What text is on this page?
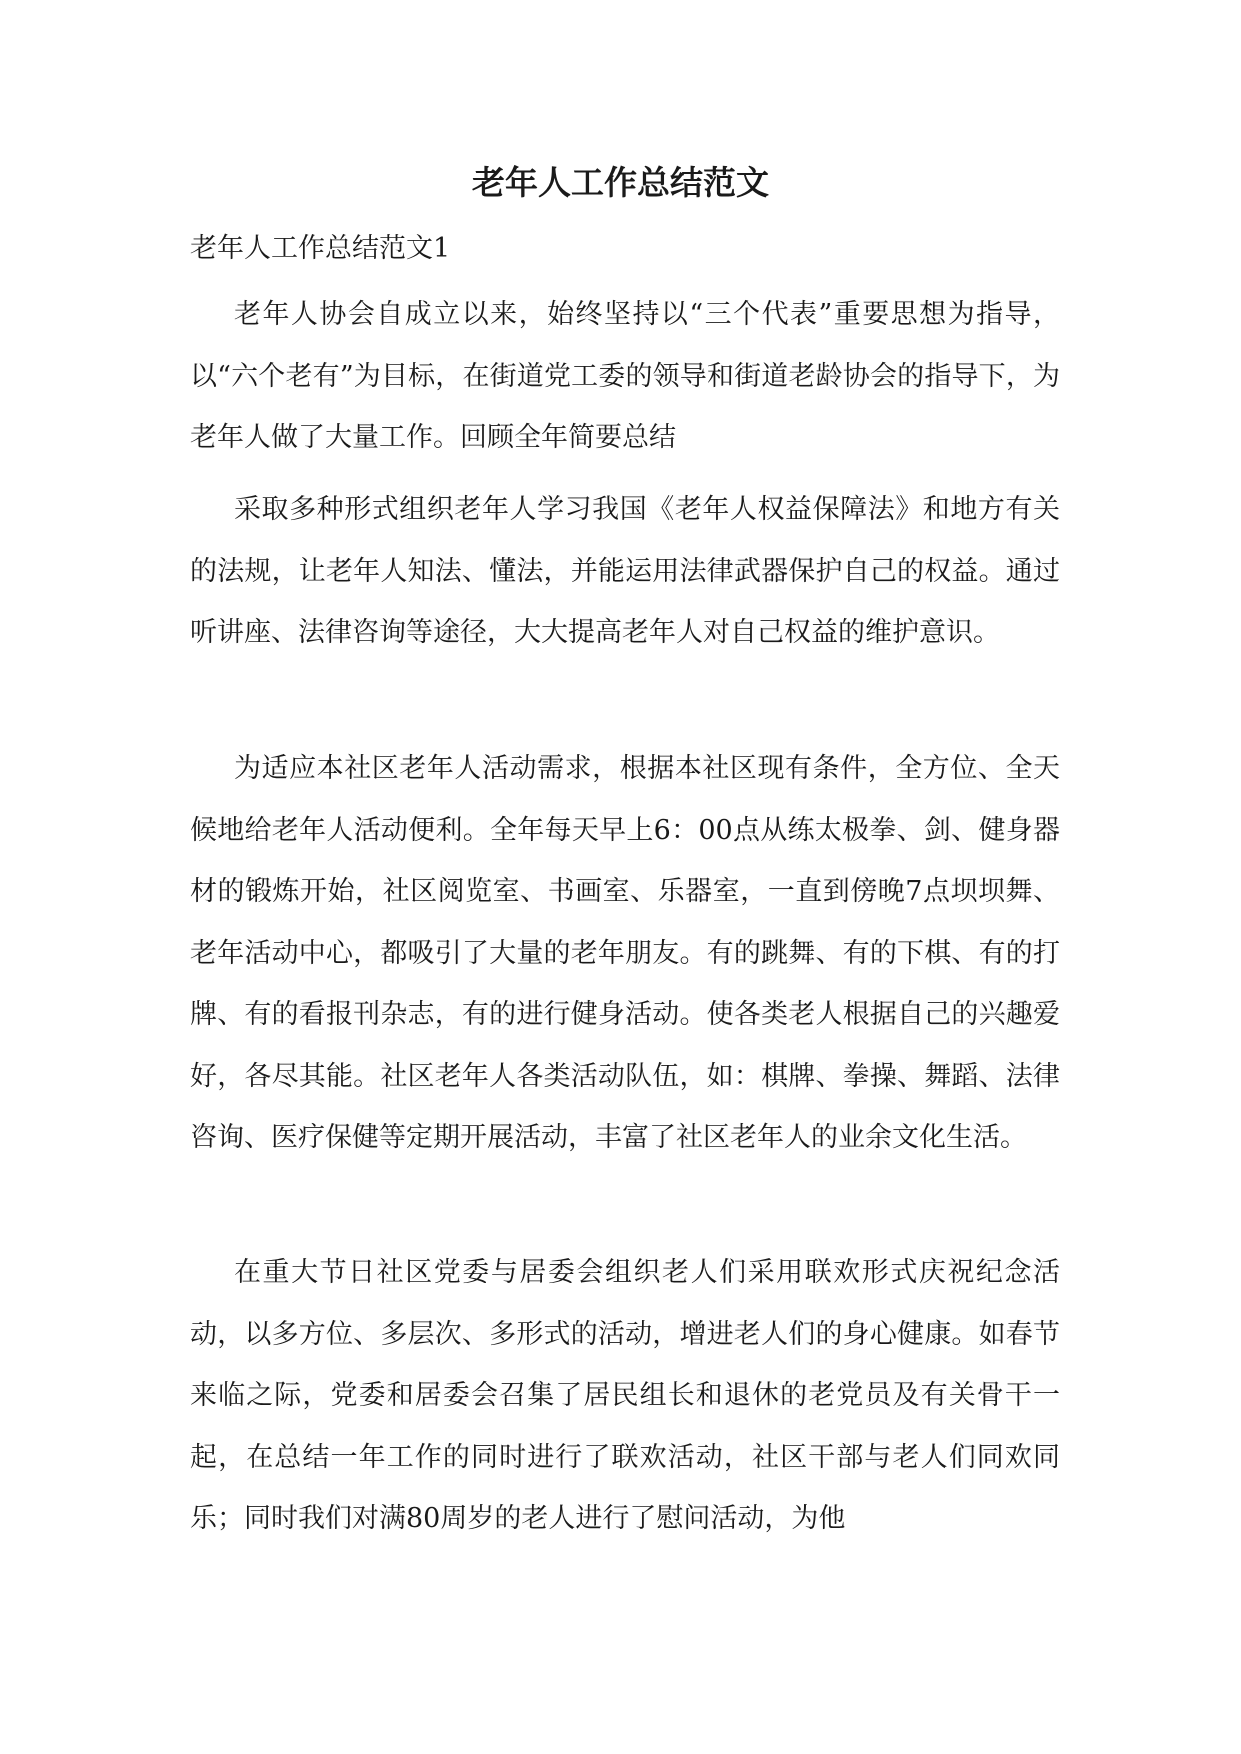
老年人工作总结范文

老年人工作总结范文1

老年人协会自成立以来，始终坚持以“三个代表”重要思想为指导，以“六个老有”为目标，在街道党工委的领导和街道老龄协会的指导下，为老年人做了大量工作。回顾全年简要总结

采取多种形式组织老年人学习我国《老年人权益保障法》和地方有关的法规，让老年人知法、懂法，并能运用法律武器保护自己的权益。通过听讲座、法律咨询等途径，大大提高老年人对自己权益的维护意识。

为适应本社区老年人活动需求，根据本社区现有条件，全方位、全天候地给老年人活动便利。全年每天早上6：00点从练太极拳、剑、健身器材的锻炼开始，社区阅览室、书画室、乐器室，一直到傍晚7点坝坝舞、老年活动中心，都吸引了大量的老年朋友。有的跳舞、有的下棋、有的打牌、有的看报刊杂志，有的进行健身活动。使各类老人根据自己的兴趣爱好，各尽其能。社区老年人各类活动队伍，如：棋牌、拳操、舞蹈、法律咨询、医疗保健等定期开展活动，丰富了社区老年人的业余文化生活。

在重大节日社区党委与居委会组织老人们采用联欢形式庆祝纪念活动，以多方位、多层次、多形式的活动，增进老人们的身心健康。如春节来临之际，党委和居委会召集了居民组长和退休的老党员及有关骨干一起，在总结一年工作的同时进行了联欢活动，社区干部与老人们同欢同乐；同时我们对满80周岁的老人进行了慰问活动，为他
